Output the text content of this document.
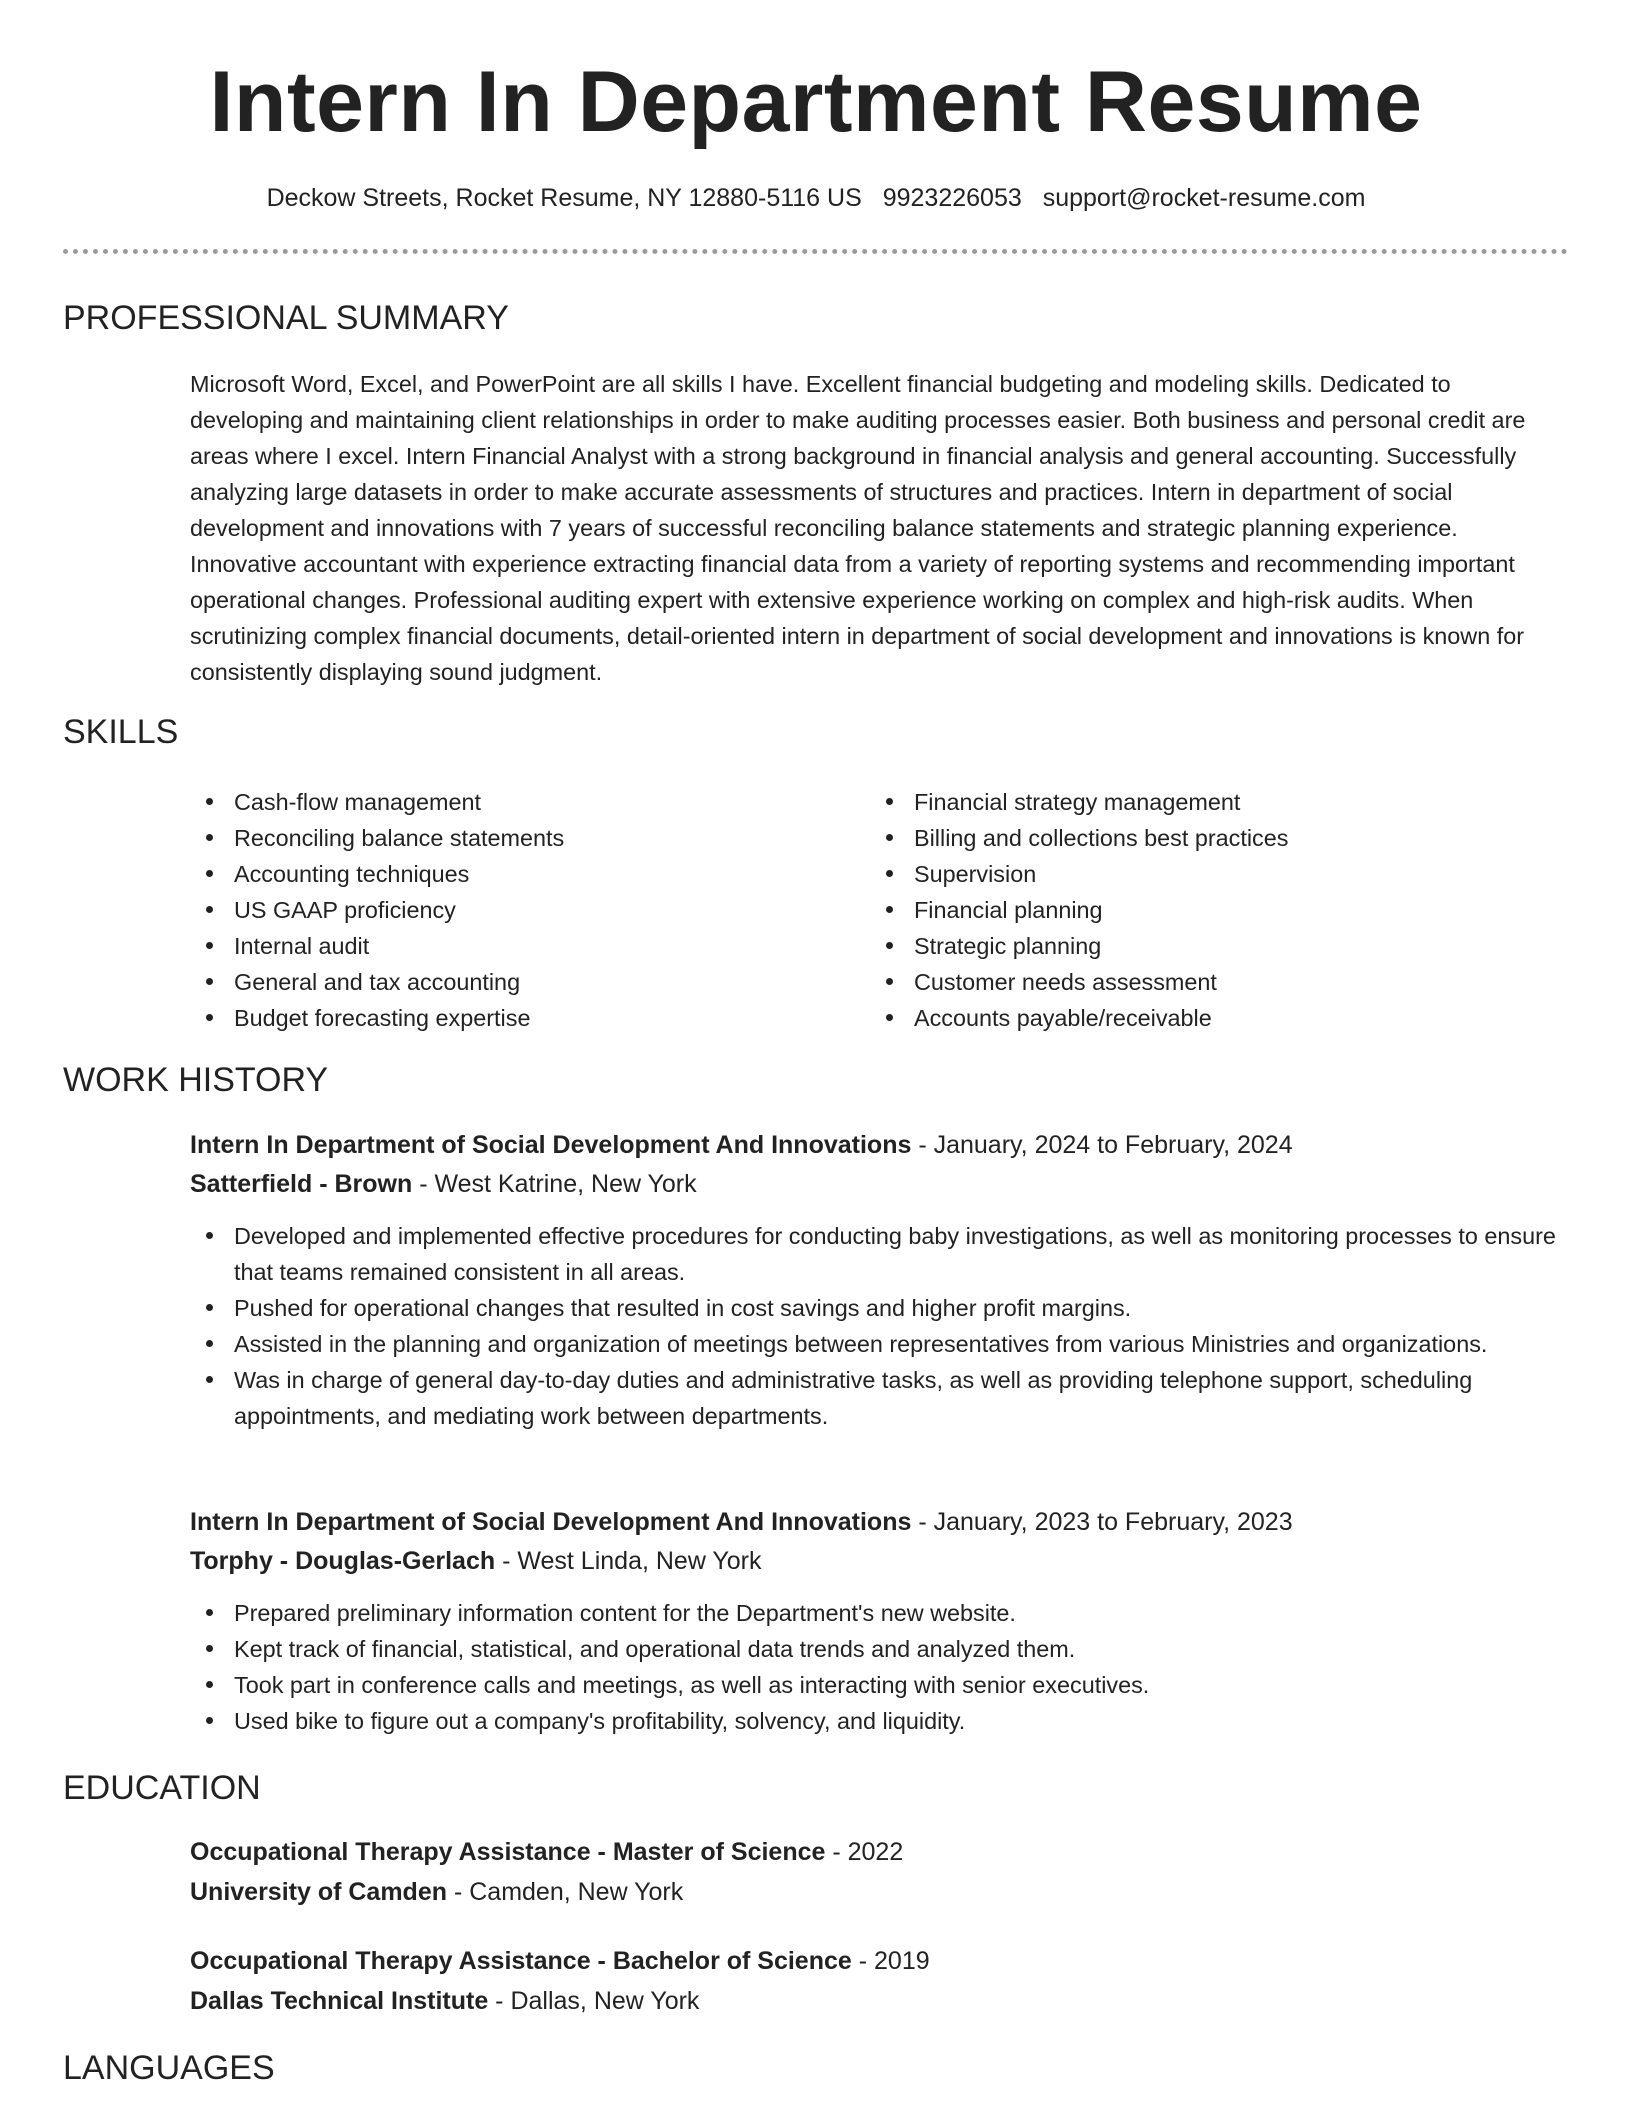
Intern In Department Resume
Deckow Streets, Rocket Resume, NY 12880-5116 US 9923226053 support@rocket-resume.com
PROFESSIONAL SUMMARY

Microsoft Word, Excel, and PowerPoint are all skills I have. Excellent financial budgeting and modeling skills. Dedicated to developing and maintaining client relationships in order to make auditing processes easier. Both business and personal credit are areas where I excel. Intern Financial Analyst with a strong background in financial analysis and general accounting. Successfully analyzing large datasets in order to make accurate assessments of structures and practices. Intern in department of social development and innovations with 7 years of successful reconciling balance statements and strategic planning experience. Innovative accountant with experience extracting financial data from a variety of reporting systems and recommending important operational changes. Professional auditing expert with extensive experience working on complex and high-risk audits. When scrutinizing complex financial documents, detail-oriented intern in department of social development and innovations is known for consistently displaying sound judgment.

SKILLS
Cash-flow management
Reconciling balance statements
Accounting techniques
US GAAP proficiency
Internal audit
General and tax accounting
Budget forecasting expertise
Financial strategy management
Billing and collections best practices
Supervision
Financial planning
Strategic planning
Customer needs assessment
Accounts payable/receivable
WORK HISTORY
Intern In Department of Social Development And Innovations - January, 2024 to February, 2024
Satterfield - Brown - West Katrine, New York
Developed and implemented effective procedures for conducting baby investigations, as well as monitoring processes to ensure that teams remained consistent in all areas.
Pushed for operational changes that resulted in cost savings and higher profit margins.
Assisted in the planning and organization of meetings between representatives from various Ministries and organizations.
Was in charge of general day-to-day duties and administrative tasks, as well as providing telephone support, scheduling appointments, and mediating work between departments.
Intern In Department of Social Development And Innovations - January, 2023 to February, 2023
Torphy - Douglas-Gerlach - West Linda, New York
Prepared preliminary information content for the Department's new website.
Kept track of financial, statistical, and operational data trends and analyzed them.
Took part in conference calls and meetings, as well as interacting with senior executives.
Used bike to figure out a company's profitability, solvency, and liquidity.
EDUCATION
Occupational Therapy Assistance - Master of Science - 2022
University of Camden - Camden, New York
Occupational Therapy Assistance - Bachelor of Science - 2019
Dallas Technical Institute - Dallas, New York
LANGUAGES
